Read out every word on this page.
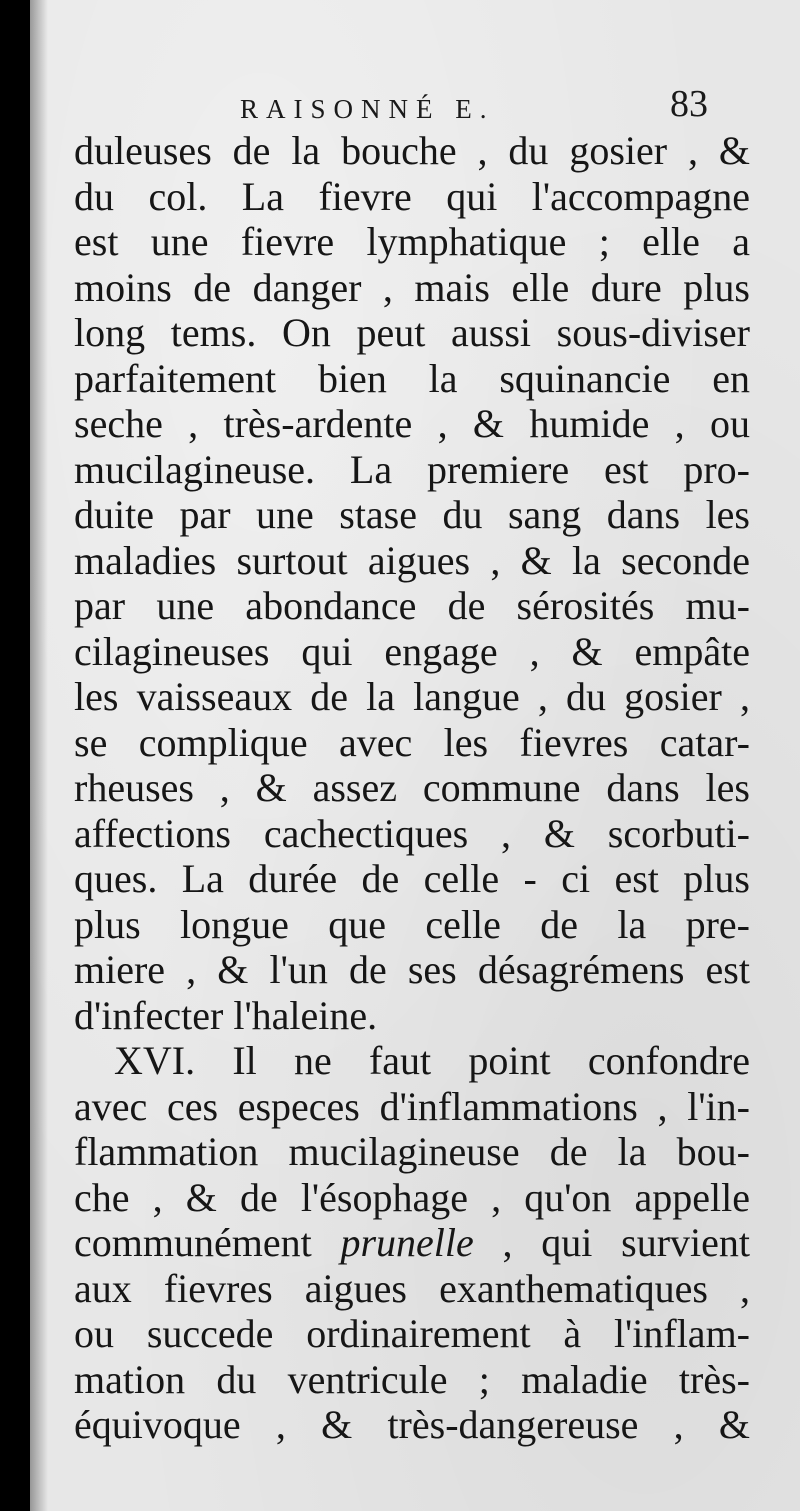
RAISONNÉ E.	83
duleuses de la bouche , du gosier , &
du col. La fievre qui l'accompagne
est une fievre lymphatique ; elle a
moins de danger , mais elle dure plus
long tems. On peut aussi sous-diviser
parfaitement bien la squinancie en
seche , très-ardente , & humide , ou
mucilagineuse. La premiere est pro-
duite par une stase du sang dans les
maladies surtout aigues , & la seconde
par une abondance de sérosités mu-
cilagineuses qui engage , & empâte
les vaisseaux de la langue , du gosier ,
se complique avec les fievres catar-
rheuses , & assez commune dans les
affections cachectiques , & scorbuti-
ques. La durée de celle - ci est plus
plus longue que celle de la pre-
miere , & l'un de ses désagrémens est
d'infecter l'haleine.
XVI. Il ne faut point confondre
avec ces especes d'inflammations , l'in-
flammation mucilagineuse de la bou-
che , & de l'ésophage , qu'on appelle
communément prunelle , qui survient
aux fievres aigues exanthematiques ,
ou succede ordinairement à l'inflam-
mation du ventricule ; maladie très-
équivoque , & très-dangereuse , &
